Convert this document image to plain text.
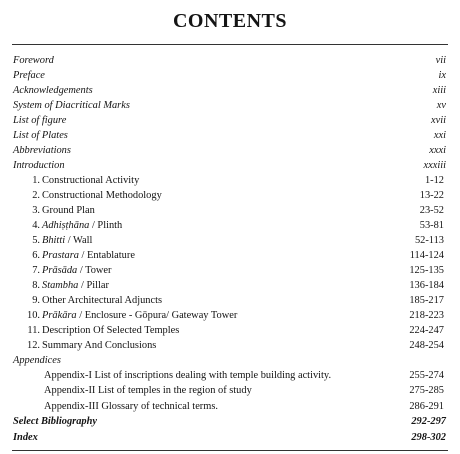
CONTENTS
Foreword	vii
Preface	ix
Acknowledgements	xiii
System of Diacritical Marks	xv
List of figure	xvii
List of Plates	xxi
Abbreviations	xxxi
Introduction	xxxiii
1. Constructional Activity	1-12
2. Constructional Methodology	13-22
3. Ground Plan	23-52
4. Adhiṣṭhāna / Plinth	53-81
5. Bhitti / Wall	52-113
6. Prastara / Entablature	114-124
7. Prāsāda / Tower	125-135
8. Stambha / Pillar	136-184
9. Other Architectural Adjuncts	185-217
10. Prākāra / Enclosure - Gōpura/ Gateway Tower	218-223
11. Description Of Selected Temples	224-247
12. Summary And Conclusions	248-254
Appendices
Appendix-I List of inscriptions dealing with temple building activity.	255-274
Appendix-II List of temples in the region of study	275-285
Appendix-III Glossary of technical terms.	286-291
Select Bibliography	292-297
Index	298-302
